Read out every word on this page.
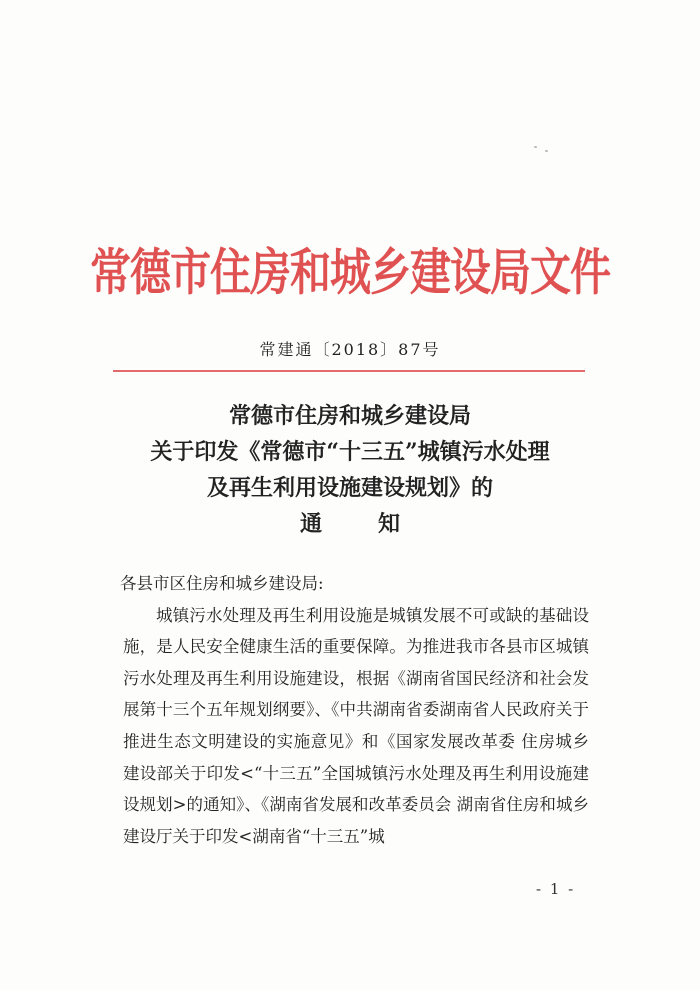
常德市住房和城乡建设局文件
常建通〔2018〕87号
常德市住房和城乡建设局
关于印发《常德市“十三五”城镇污水处理
及再生利用设施建设规划》的
通知
各县市区住房和城乡建设局:
城镇污水处理及再生利用设施是城镇发展不可或缺的基础设施，是人民安全健康生活的重要保障。为推进我市各县市区城镇污水处理及再生利用设施建设，根据《湖南省国民经济和社会发展第十三个五年规划纲要》、《中共湖南省委湖南省人民政府关于推进生态文明建设的实施意见》和《国家发展改革委 住房城乡建设部关于印发<“十三五”全国城镇污水处理及再生利用设施建设规划>的通知》、《湖南省发展和改革委员会 湖南省住房和城乡建设厅关于印发<湖南省“十三五”城
- 1 -
